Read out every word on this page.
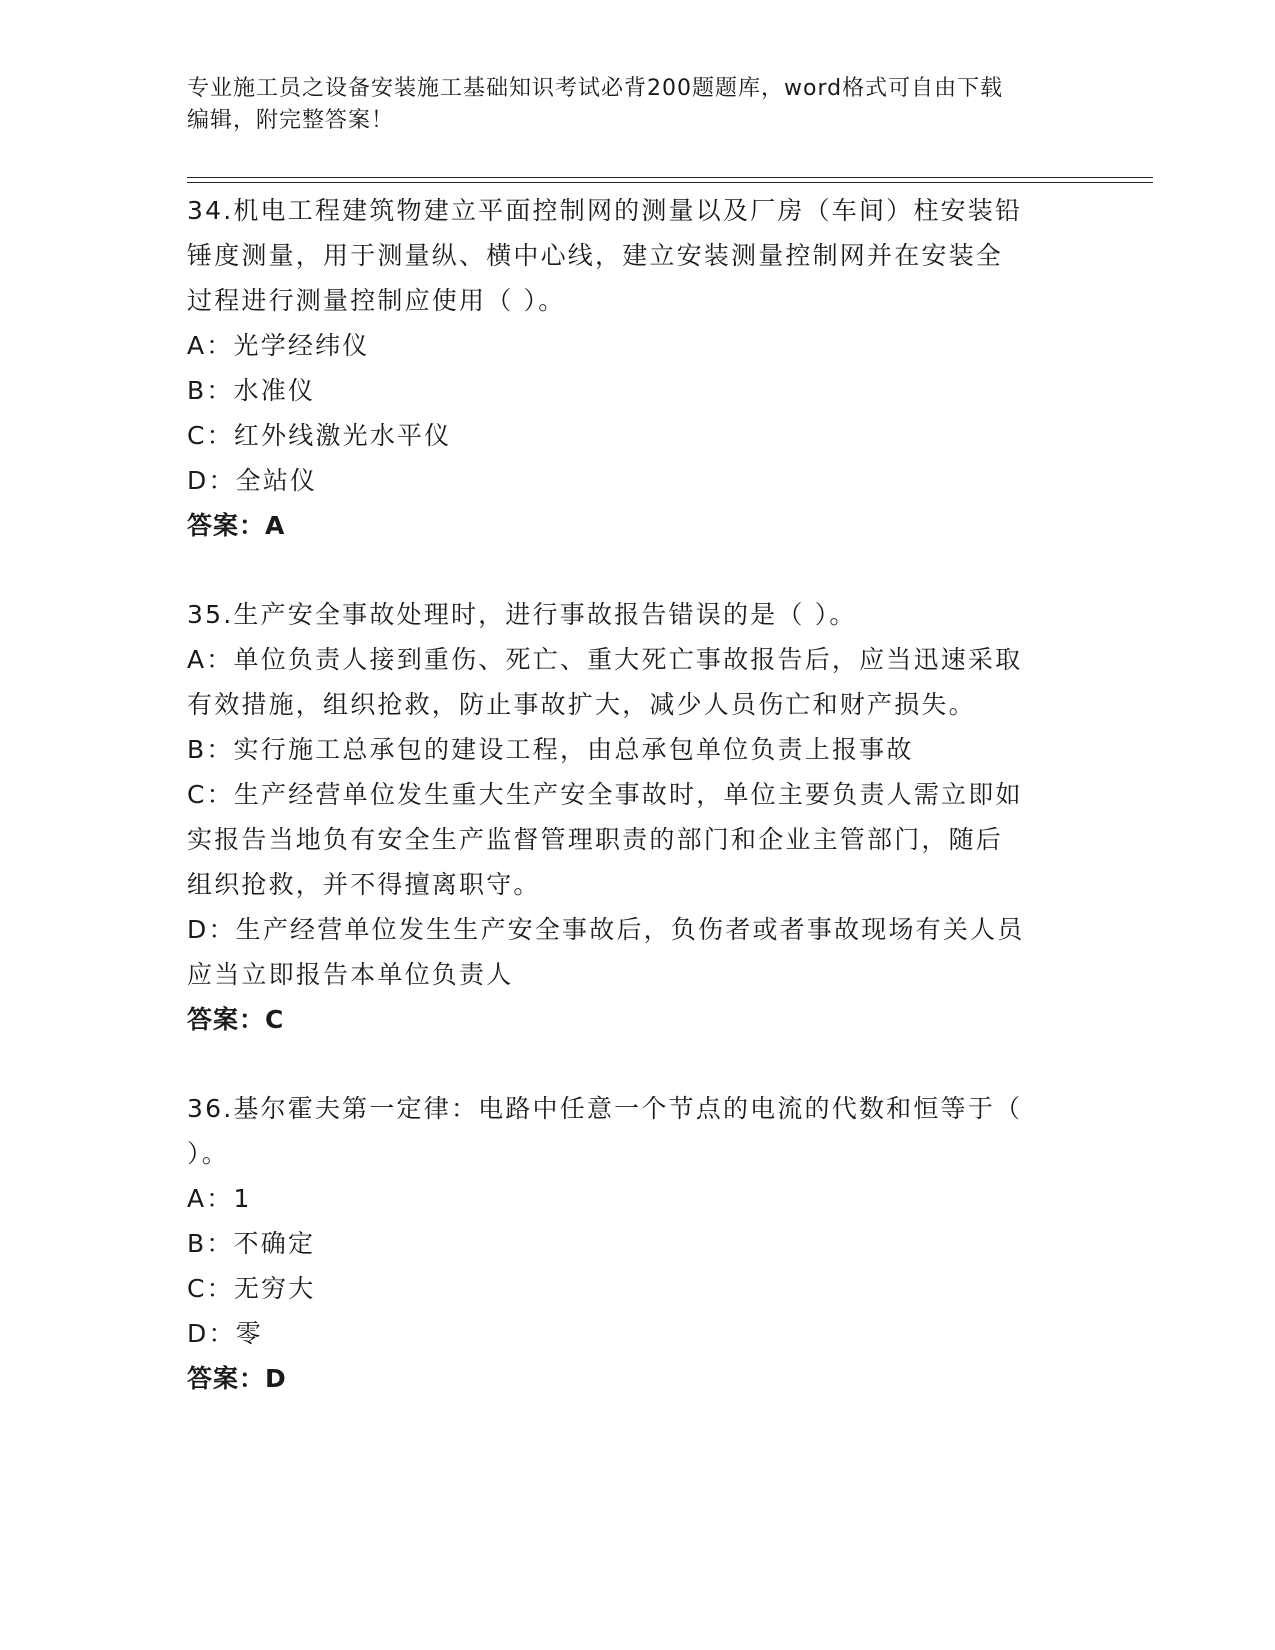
专业施工员之设备安装施工基础知识考试必背200题题库，word格式可自由下载
编辑，附完整答案！
34.机电工程建筑物建立平面控制网的测量以及厂房（车间）柱安装铅
锤度测量，用于测量纵、横中心线，建立安装测量控制网并在安装全
过程进行测量控制应使用（ ）。
A：光学经纬仪
B：水准仪
C：红外线激光水平仪
D：全站仪
答案：A
35.生产安全事故处理时，进行事故报告错误的是（ ）。
A：单位负责人接到重伤、死亡、重大死亡事故报告后，应当迅速采取
有效措施，组织抢救，防止事故扩大，减少人员伤亡和财产损失。
B：实行施工总承包的建设工程，由总承包单位负责上报事故
C：生产经营单位发生重大生产安全事故时，单位主要负责人需立即如
实报告当地负有安全生产监督管理职责的部门和企业主管部门，随后
组织抢救，并不得擅离职守。
D：生产经营单位发生生产安全事故后，负伤者或者事故现场有关人员
应当立即报告本单位负责人
答案：C
36.基尔霍夫第一定律：电路中任意一个节点的电流的代数和恒等于（
）。
A：1
B：不确定
C：无穷大
D：零
答案：D
